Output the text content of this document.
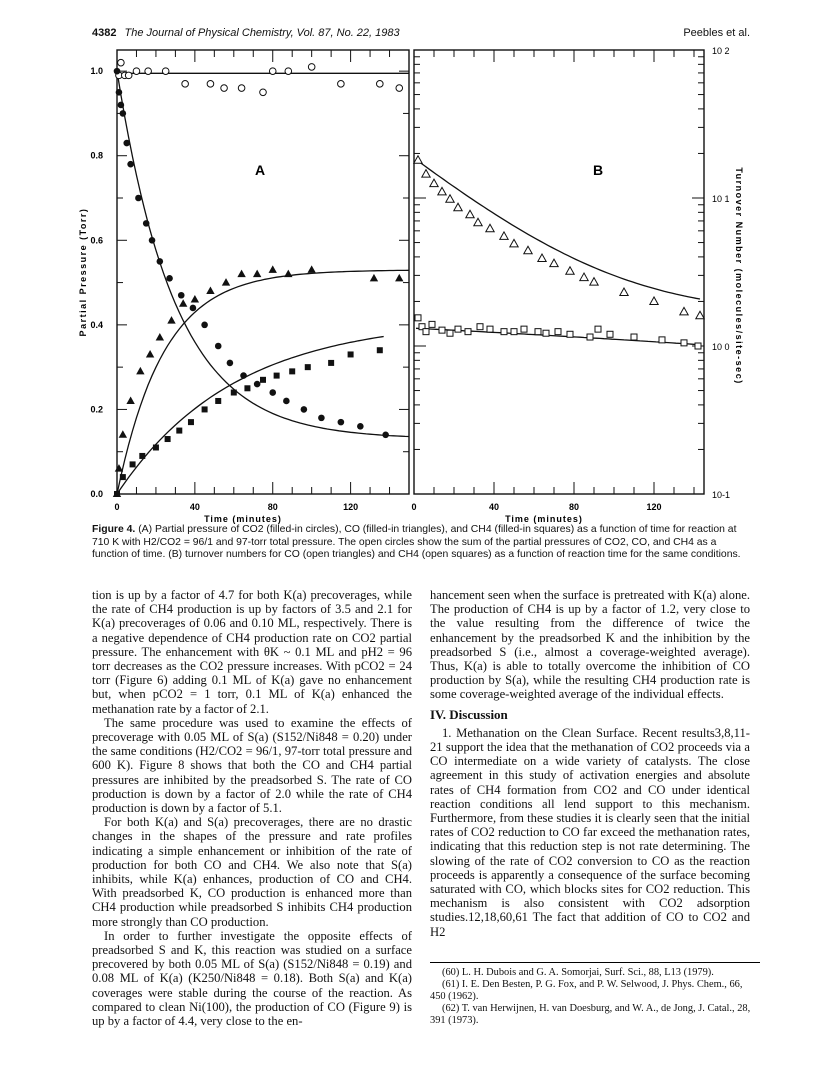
4382 The Journal of Physical Chemistry, Vol. 87, No. 22, 1983	Peebles et al.
0.0
0.2
0.4
0.6
0.8
1.0
0	40	80	120
Time (minutes)
Partial Pressure (Torr)
A
10-1
10 0
10 1
10 2
0	40	80	120
Time (minutes)
Turnover Number (molecules/site-sec)
B
Figure 4. (A) Partial pressure of CO2 (filled-in circles), CO (filled-in triangles), and CH4 (filled-in squares) as a function of time for reaction at 710 K with H2/CO2 = 96/1 and 97-torr total pressure. The open circles show the sum of the partial pressures of CO2, CO, and CH4 as a function of time. (B) turnover numbers for CO (open triangles) and CH4 (open squares) as a function of reaction time for the same conditions.

tion is up by a factor of 4.7 for both K(a) precoverages, while the rate of CH4 production is up by factors of 3.5 and 2.1 for K(a) precoverages of 0.06 and 0.10 ML, respectively. There is a negative dependence of CH4 production rate on CO2 partial pressure. The enhancement with θK ~ 0.1 ML and pH2 = 96 torr decreases as the CO2 pressure increases. With pCO2 = 24 torr (Figure 6) adding 0.1 ML of K(a) gave no enhancement but, when pCO2 = 1 torr, 0.1 ML of K(a) enhanced the methanation rate by a factor of 2.1.

The same procedure was used to examine the effects of precoverage with 0.05 ML of S(a) (S152/Ni848 = 0.20) under the same conditions (H2/CO2 = 96/1, 97-torr total pressure and 600 K). Figure 8 shows that both the CO and CH4 partial pressures are inhibited by the preadsorbed S. The rate of CO production is down by a factor of 2.0 while the rate of CH4 production is down by a factor of 5.1.

For both K(a) and S(a) precoverages, there are no drastic changes in the shapes of the pressure and rate profiles indicating a simple enhancement or inhibition of the rate of production for both CO and CH4. We also note that S(a) inhibits, while K(a) enhances, production of CO and CH4. With preadsorbed K, CO production is enhanced more than CH4 production while preadsorbed S inhibits CH4 production more strongly than CO production.

In order to further investigate the opposite effects of preadsorbed S and K, this reaction was studied on a surface precovered by both 0.05 ML of S(a) (S152/Ni848 = 0.19) and 0.08 ML of K(a) (K250/Ni848 = 0.18). Both S(a) and K(a) coverages were stable during the course of the reaction. As compared to clean Ni(100), the production of CO (Figure 9) is up by a factor of 4.4, very close to the en-

hancement seen when the surface is pretreated with K(a) alone. The production of CH4 is up by a factor of 1.2, very close to the value resulting from the difference of twice the enhancement by the preadsorbed K and the inhibition by the preadsorbed S (i.e., almost a coverage-weighted average). Thus, K(a) is able to totally overcome the inhibition of CO production by S(a), while the resulting CH4 production rate is some coverage-weighted average of the individual effects.

IV. Discussion

1. Methanation on the Clean Surface. Recent results3,8,11-21 support the idea that the methanation of CO2 proceeds via a CO intermediate on a wide variety of catalysts. The close agreement in this study of activation energies and absolute rates of CH4 formation from CO2 and CO under identical reaction conditions all lend support to this mechanism. Furthermore, from these studies it is clearly seen that the initial rates of CO2 reduction to CO far exceed the methanation rates, indicating that this reduction step is not rate determining. The slowing of the rate of CO2 conversion to CO as the reaction proceeds is apparently a consequence of the surface becoming saturated with CO, which blocks sites for CO2 reduction. This mechanism is also consistent with CO2 adsorption studies.12,18,60,61 The fact that addition of CO to CO2 and H2

(60) L. H. Dubois and G. A. Somorjai, Surf. Sci., 88, L13 (1979).
(61) I. E. Den Besten, P. G. Fox, and P. W. Selwood, J. Phys. Chem., 66, 450 (1962).
(62) T. van Herwijnen, H. van Doesburg, and W. A., de Jong, J. Catal., 28, 391 (1973).
